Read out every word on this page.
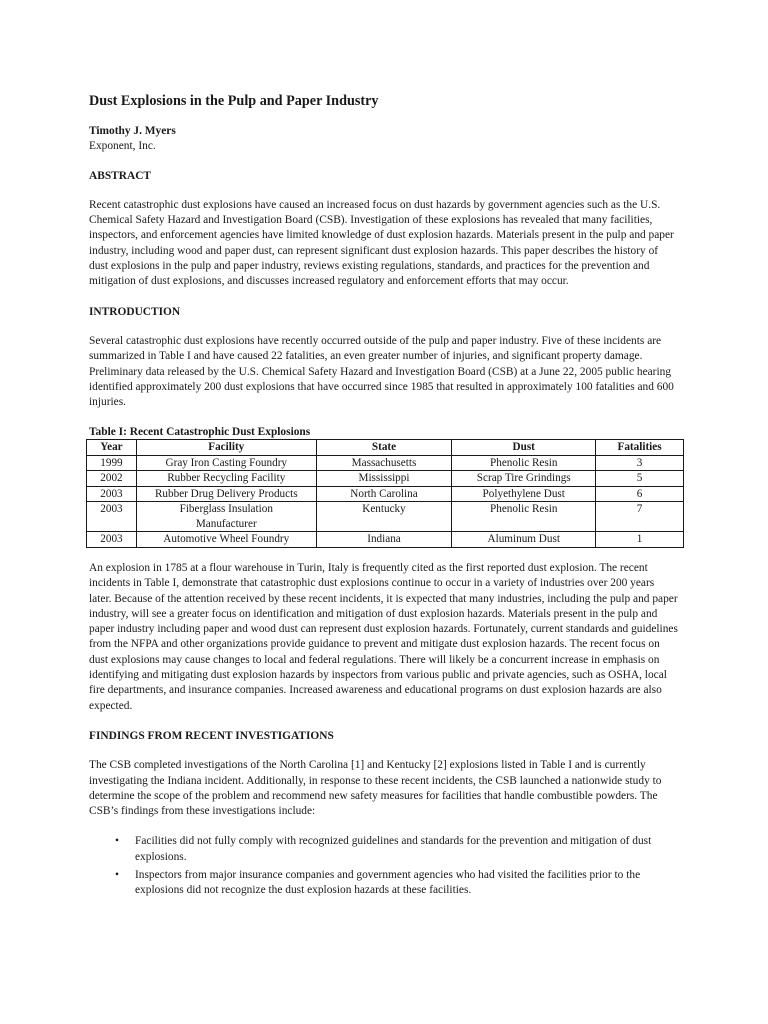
Dust Explosions in the Pulp and Paper Industry
Timothy J. Myers
Exponent, Inc.
ABSTRACT

Recent catastrophic dust explosions have caused an increased focus on dust hazards by government agencies such as the U.S. Chemical Safety Hazard and Investigation Board (CSB). Investigation of these explosions has revealed that many facilities, inspectors, and enforcement agencies have limited knowledge of dust explosion hazards. Materials present in the pulp and paper industry, including wood and paper dust, can represent significant dust explosion hazards. This paper describes the history of dust explosions in the pulp and paper industry, reviews existing regulations, standards, and practices for the prevention and mitigation of dust explosions, and discusses increased regulatory and enforcement efforts that may occur.

INTRODUCTION

Several catastrophic dust explosions have recently occurred outside of the pulp and paper industry. Five of these incidents are summarized in Table I and have caused 22 fatalities, an even greater number of injuries, and significant property damage. Preliminary data released by the U.S. Chemical Safety Hazard and Investigation Board (CSB) at a June 22, 2005 public hearing identified approximately 200 dust explosions that have occurred since 1985 that resulted in approximately 100 fatalities and 600 injuries.

Table I: Recent Catastrophic Dust Explosions
Year	Facility	State	Dust	Fatalities
1999	Gray Iron Casting Foundry	Massachusetts	Phenolic Resin	3
2002	Rubber Recycling Facility	Mississippi	Scrap Tire Grindings	5
2003	Rubber Drug Delivery Products	North Carolina	Polyethylene Dust	6
2003	Fiberglass Insulation Manufacturer	Kentucky	Phenolic Resin	7
2003	Automotive Wheel Foundry	Indiana	Aluminum Dust	1

An explosion in 1785 at a flour warehouse in Turin, Italy is frequently cited as the first reported dust explosion. The recent incidents in Table I, demonstrate that catastrophic dust explosions continue to occur in a variety of industries over 200 years later. Because of the attention received by these recent incidents, it is expected that many industries, including the pulp and paper industry, will see a greater focus on identification and mitigation of dust explosion hazards. Materials present in the pulp and paper industry including paper and wood dust can represent dust explosion hazards. Fortunately, current standards and guidelines from the NFPA and other organizations provide guidance to prevent and mitigate dust explosion hazards. The recent focus on dust explosions may cause changes to local and federal regulations. There will likely be a concurrent increase in emphasis on identifying and mitigating dust explosion hazards by inspectors from various public and private agencies, such as OSHA, local fire departments, and insurance companies. Increased awareness and educational programs on dust explosion hazards are also expected.

FINDINGS FROM RECENT INVESTIGATIONS

The CSB completed investigations of the North Carolina [1] and Kentucky [2] explosions listed in Table I and is currently investigating the Indiana incident. Additionally, in response to these recent incidents, the CSB launched a nationwide study to determine the scope of the problem and recommend new safety measures for facilities that handle combustible powders. The CSB’s findings from these investigations include:

• Facilities did not fully comply with recognized guidelines and standards for the prevention and mitigation of dust explosions.
• Inspectors from major insurance companies and government agencies who had visited the facilities prior to the explosions did not recognize the dust explosion hazards at these facilities.
